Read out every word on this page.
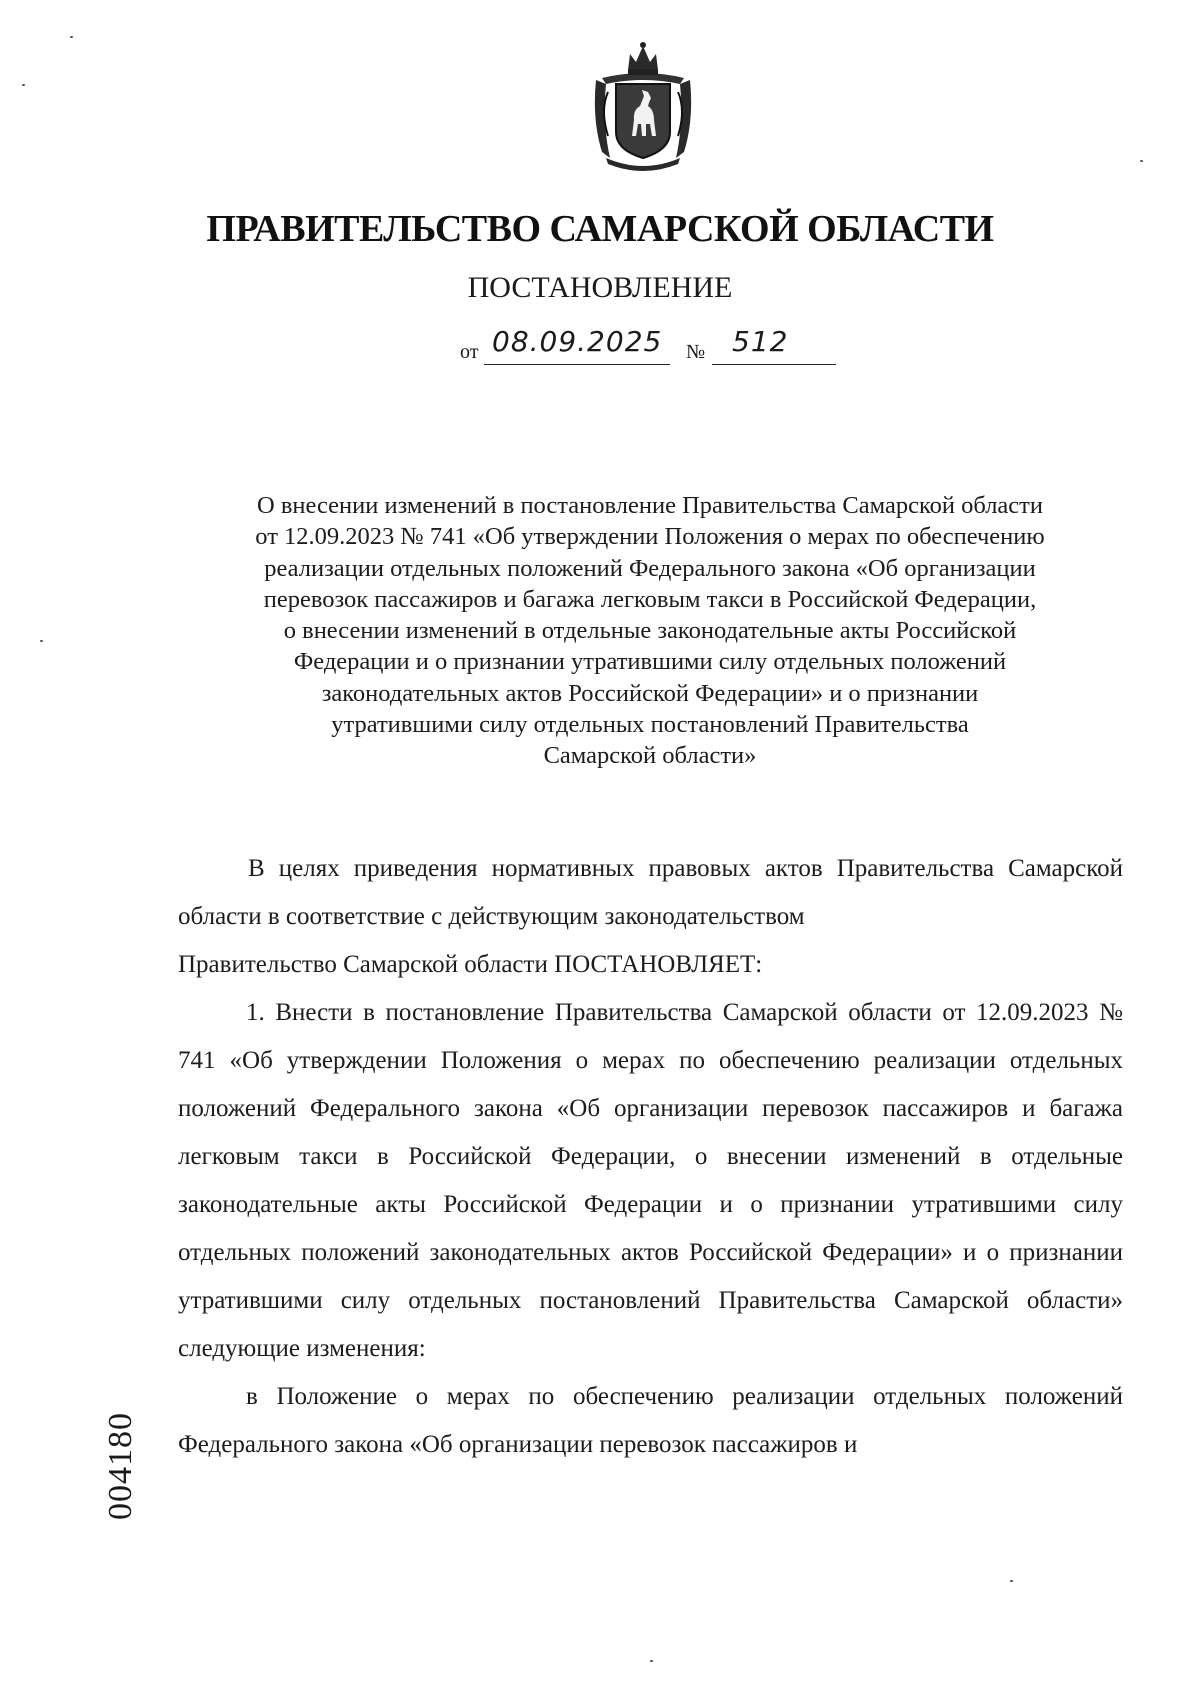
ПРАВИТЕЛЬСТВО САМАРСКОЙ ОБЛАСТИ
ПОСТАНОВЛЕНИЕ
от 08.09.2025 № 512
О внесении изменений в постановление Правительства Самарской области
от 12.09.2023 № 741 «Об утверждении Положения о мерах по обеспечению
реализации отдельных положений Федерального закона «Об организации
перевозок пассажиров и багажа легковым такси в Российской Федерации,
о внесении изменений в отдельные законодательные акты Российской
Федерации и о признании утратившими силу отдельных положений
законодательных актов Российской Федерации» и о признании
утратившими силу отдельных постановлений Правительства
Самарской области»

В целях приведения нормативных правовых актов Правительства Самарской области в соответствие с действующим законодательством

Правительство Самарской области ПОСТАНОВЛЯЕТ:

1. Внести в постановление Правительства Самарской области от 12.09.2023 № 741 «Об утверждении Положения о мерах по обеспечению реализации отдельных положений Федерального закона «Об организации перевозок пассажиров и багажа легковым такси в Российской Федерации, о внесении изменений в отдельные законодательные акты Российской Федерации и о признании утратившими силу отдельных положений законодательных актов Российской Федерации» и о признании утратившими силу отдельных постановлений Правительства Самарской области» следующие изменения:

в Положение о мерах по обеспечению реализации отдельных положений Федерального закона «Об организации перевозок пассажиров и

004180
